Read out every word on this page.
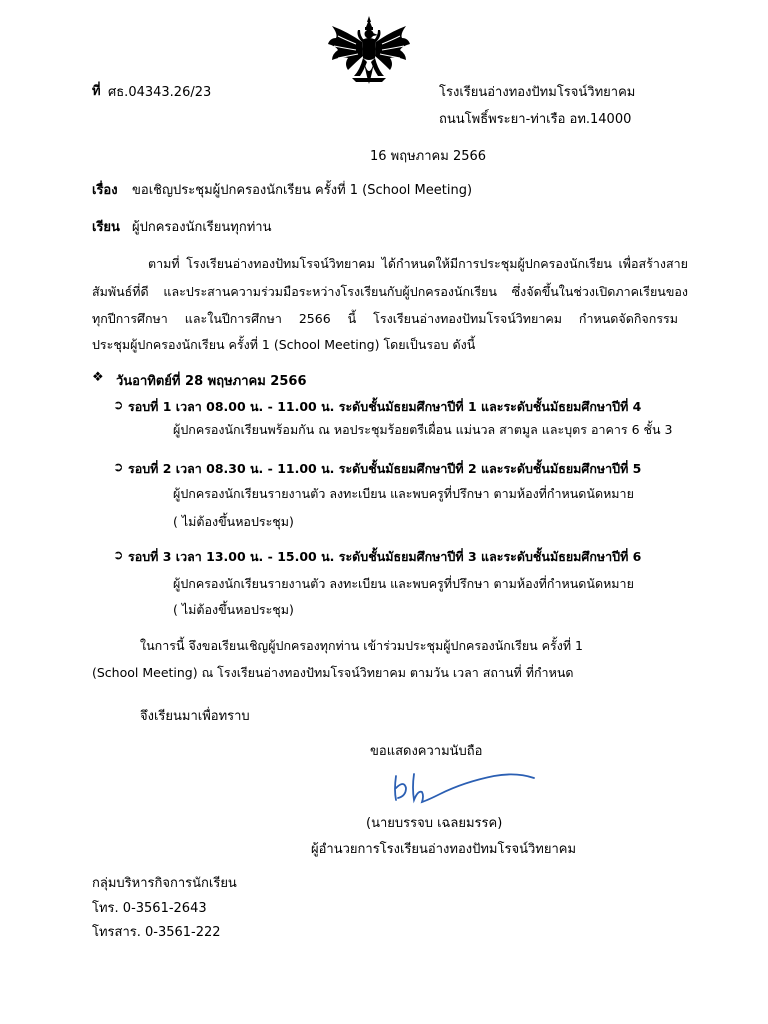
ที่ ศธ.04343.26/23	โรงเรียนอ่างทองปัทมโรจน์วิทยาคม
ถนนโพธิ์พระยา-ท่าเรือ อท.14000
16 พฤษภาคม 2566
เรื่อง ขอเชิญประชุมผู้ปกครองนักเรียน ครั้งที่ 1 (School Meeting)
เรียน ผู้ปกครองนักเรียนทุกท่าน
ตามที่ โรงเรียนอ่างทองปัทมโรจน์วิทยาคม ได้กำหนดให้มีการประชุมผู้ปกครองนักเรียน เพื่อสร้างสาย
สัมพันธ์ที่ดี และประสานความร่วมมือระหว่างโรงเรียนกับผู้ปกครองนักเรียน ซึ่งจัดขึ้นในช่วงเปิดภาคเรียนของ
ทุกปีการศึกษา และในปีการศึกษา 2566 นี้ โรงเรียนอ่างทองปัทมโรจน์วิทยาคม กำหนดจัดกิจกรรม
ประชุมผู้ปกครองนักเรียน ครั้งที่ 1 (School Meeting) โดยเป็นรอบ ดังนี้
❖ วันอาทิตย์ที่ 28 พฤษภาคม 2566
➲ รอบที่ 1 เวลา 08.00 น. - 11.00 น. ระดับชั้นมัธยมศึกษาปีที่ 1 และระดับชั้นมัธยมศึกษาปีที่ 4
ผู้ปกครองนักเรียนพร้อมกัน ณ หอประชุมร้อยตรีเผื่อน แม่นวล สาตมูล และบุตร อาคาร 6 ชั้น 3
➲ รอบที่ 2 เวลา 08.30 น. - 11.00 น. ระดับชั้นมัธยมศึกษาปีที่ 2 และระดับชั้นมัธยมศึกษาปีที่ 5
ผู้ปกครองนักเรียนรายงานตัว ลงทะเบียน และพบครูที่ปรึกษา ตามห้องที่กำหนดนัดหมาย
( ไม่ต้องขึ้นหอประชุม)
➲ รอบที่ 3 เวลา 13.00 น. - 15.00 น. ระดับชั้นมัธยมศึกษาปีที่ 3 และระดับชั้นมัธยมศึกษาปีที่ 6
ผู้ปกครองนักเรียนรายงานตัว ลงทะเบียน และพบครูที่ปรึกษา ตามห้องที่กำหนดนัดหมาย
( ไม่ต้องขึ้นหอประชุม)
ในการนี้ จึงขอเรียนเชิญผู้ปกครองทุกท่าน เข้าร่วมประชุมผู้ปกครองนักเรียน ครั้งที่ 1
(School Meeting) ณ โรงเรียนอ่างทองปัทมโรจน์วิทยาคม ตามวัน เวลา สถานที่ ที่กำหนด
จึงเรียนมาเพื่อทราบ
ขอแสดงความนับถือ
(นายบรรจบ เฉลยมรรค)
ผู้อำนวยการโรงเรียนอ่างทองปัทมโรจน์วิทยาคม
กลุ่มบริหารกิจการนักเรียน
โทร. 0-3561-2643
โทรสาร. 0-3561-222
